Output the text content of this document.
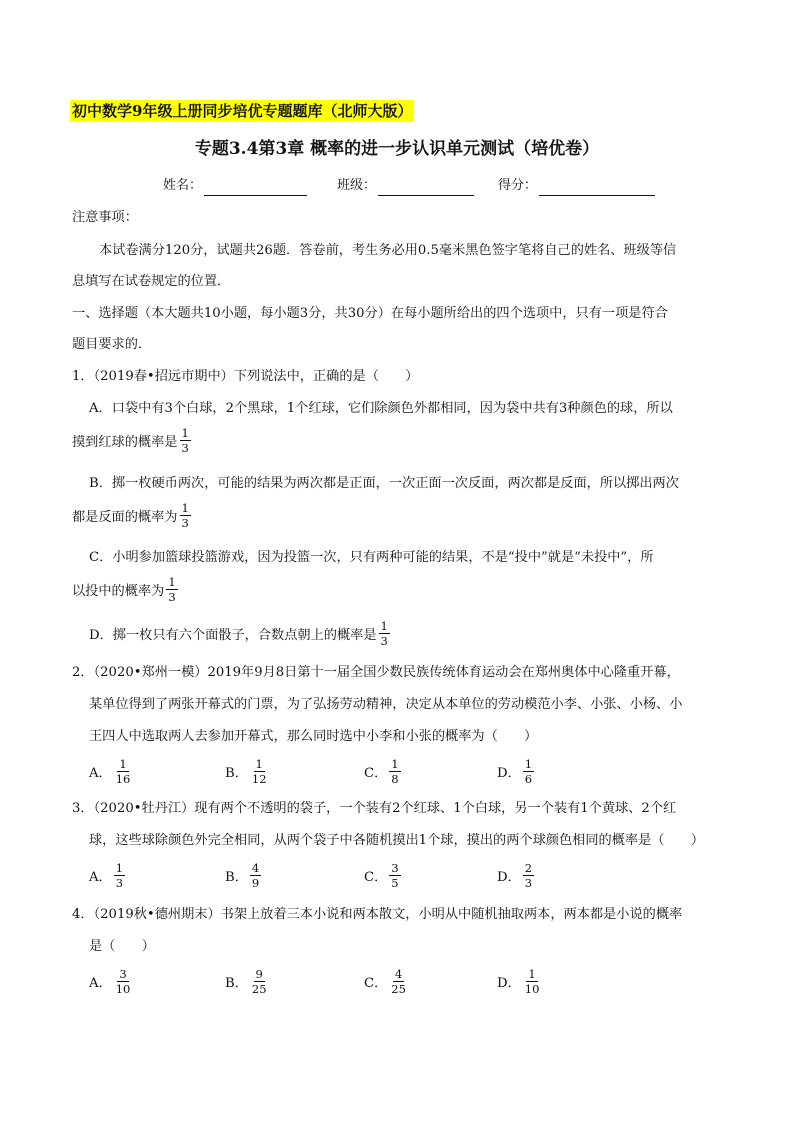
初中数学9年级上册同步培优专题题库（北师大版）
专题3.4第3章 概率的进一步认识单元测试（培优卷）
姓名：	班级：	得分：
注意事项：
本试卷满分120分，试题共26题．答卷前，考生务必用0.5毫米黑色签字笔将自己的姓名、班级等信
息填写在试卷规定的位置．
一、选择题（本大题共10小题，每小题3分，共30分）在每小题所给出的四个选项中，只有一项是符合
题目要求的．
1．（2019春•招远市期中）下列说法中，正确的是（　　）
A．口袋中有3个白球，2个黑球，1个红球，它们除颜色外都相同，因为袋中共有3种颜色的球，所以
摸到红球的概率是 $\frac{1}{3}$
B．掷一枚硬币两次，可能的结果为两次都是正面，一次正面一次反面，两次都是反面，所以掷出两次
都是反面的概率为 $\frac{1}{3}$
C．小明参加篮球投篮游戏，因为投篮一次，只有两种可能的结果，不是“投中”就是“未投中”，所
以投中的概率为 $\frac{1}{3}$
D．掷一枚只有六个面骰子，合数点朝上的概率是 $\frac{1}{3}$
2．（2020•郑州一模）2019年9月8日第十一届全国少数民族传统体育运动会在郑州奥体中心隆重开幕，
某单位得到了两张开幕式的门票，为了弘扬劳动精神，决定从本单位的劳动模范小李、小张、小杨、小
王四人中选取两人去参加开幕式，那么同时选中小李和小张的概率为（　　）
A． $\frac{1}{16}$	B． $\frac{1}{12}$	C． $\frac{1}{8}$	D． $\frac{1}{6}$
3．（2020•牡丹江）现有两个不透明的袋子，一个装有2个红球、1个白球，另一个装有1个黄球、2个红
球，这些球除颜色外完全相同，从两个袋子中各随机摸出1个球，摸出的两个球颜色相同的概率是（　　）
A． $\frac{1}{3}$	B． $\frac{4}{9}$	C． $\frac{3}{5}$	D． $\frac{2}{3}$
4．（2019秋•德州期末）书架上放着三本小说和两本散文，小明从中随机抽取两本，两本都是小说的概率
是（　　）
A． $\frac{3}{10}$	B． $\frac{9}{25}$	C． $\frac{4}{25}$	D． $\frac{1}{10}$
